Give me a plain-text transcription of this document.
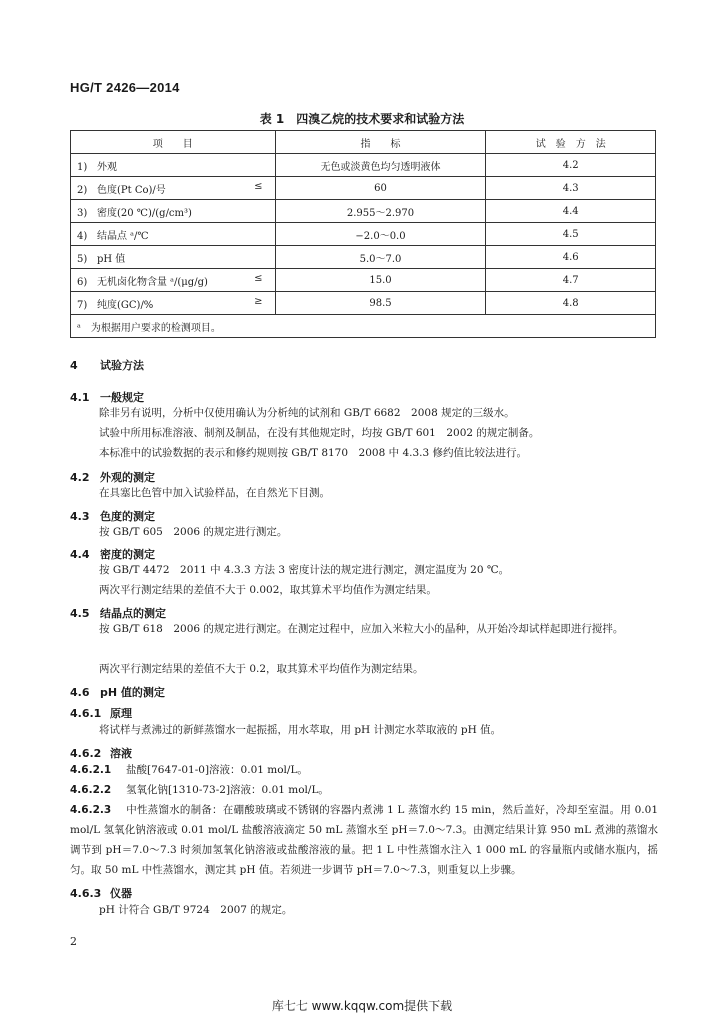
HG/T 2426—2014
表 1　四溴乙烷的技术要求和试验方法
项　　目	指　　标	试　验　方　法
1) 外观	无色或淡黄色均匀透明液体	4.2
2) 色度(Pt Co)/号 ≤	60	4.3
3) 密度(20 ℃)/(g/cm³)	2.955～2.970	4.4
4) 结晶点 ᵃ/℃	−2.0～0.0	4.5
5) pH 值	5.0～7.0	4.6
6) 无机卤化物含量 ᵃ/(μg/g) ≤	15.0	4.7
7) 纯度(GC)/% ≥	98.5	4.8
ᵃ　为根据用户要求的检测项目。		
4 试验方法
4.1 一般规定
除非另有说明，分析中仅使用确认为分析纯的试剂和 GB/T 6682　2008 规定的三级水。
试验中所用标准溶液、制剂及制品，在没有其他规定时，均按 GB/T 601　2002 的规定制备。
本标准中的试验数据的表示和修约规则按 GB/T 8170　2008 中 4.3.3 修约值比较法进行。
4.2 外观的测定
在具塞比色管中加入试验样品，在自然光下目测。
4.3 色度的测定
按 GB/T 605　2006 的规定进行测定。
4.4 密度的测定
按 GB/T 4472　2011 中 4.3.3 方法 3 密度计法的规定进行测定，测定温度为 20 ℃。
两次平行测定结果的差值不大于 0.002，取其算术平均值作为测定结果。
4.5 结晶点的测定
按 GB/T 618　2006 的规定进行测定。在测定过程中，应加入米粒大小的晶种，从开始冷却试样起即进行搅拌。
两次平行测定结果的差值不大于 0.2，取其算术平均值作为测定结果。
4.6 pH 值的测定
4.6.1 原理
将试样与煮沸过的新鲜蒸馏水一起振摇，用水萃取，用 pH 计测定水萃取液的 pH 值。
4.6.2 溶液
4.6.2.1 盐酸[7647-01-0]溶液：0.01 mol/L。
4.6.2.2 氢氧化钠[1310-73-2]溶液：0.01 mol/L。
4.6.2.3 中性蒸馏水的制备：在硼酸玻璃或不锈钢的容器内煮沸 1 L 蒸馏水约 15 min，然后盖好，冷却至室温。用 0.01 mol/L 氢氧化钠溶液或 0.01 mol/L 盐酸溶液滴定 50 mL 蒸馏水至 pH＝7.0～7.3。由测定结果计算 950 mL 煮沸的蒸馏水调节到 pH＝7.0～7.3 时须加氢氧化钠溶液或盐酸溶液的量。把 1 L 中性蒸馏水注入 1 000 mL 的容量瓶内或储水瓶内，摇匀。取 50 mL 中性蒸馏水，测定其 pH 值。若须进一步调节 pH＝7.0～7.3，则重复以上步骤。
4.6.3 仪器
pH 计符合 GB/T 9724　2007 的规定。
2
库七七 www.kqqw.com提供下载
